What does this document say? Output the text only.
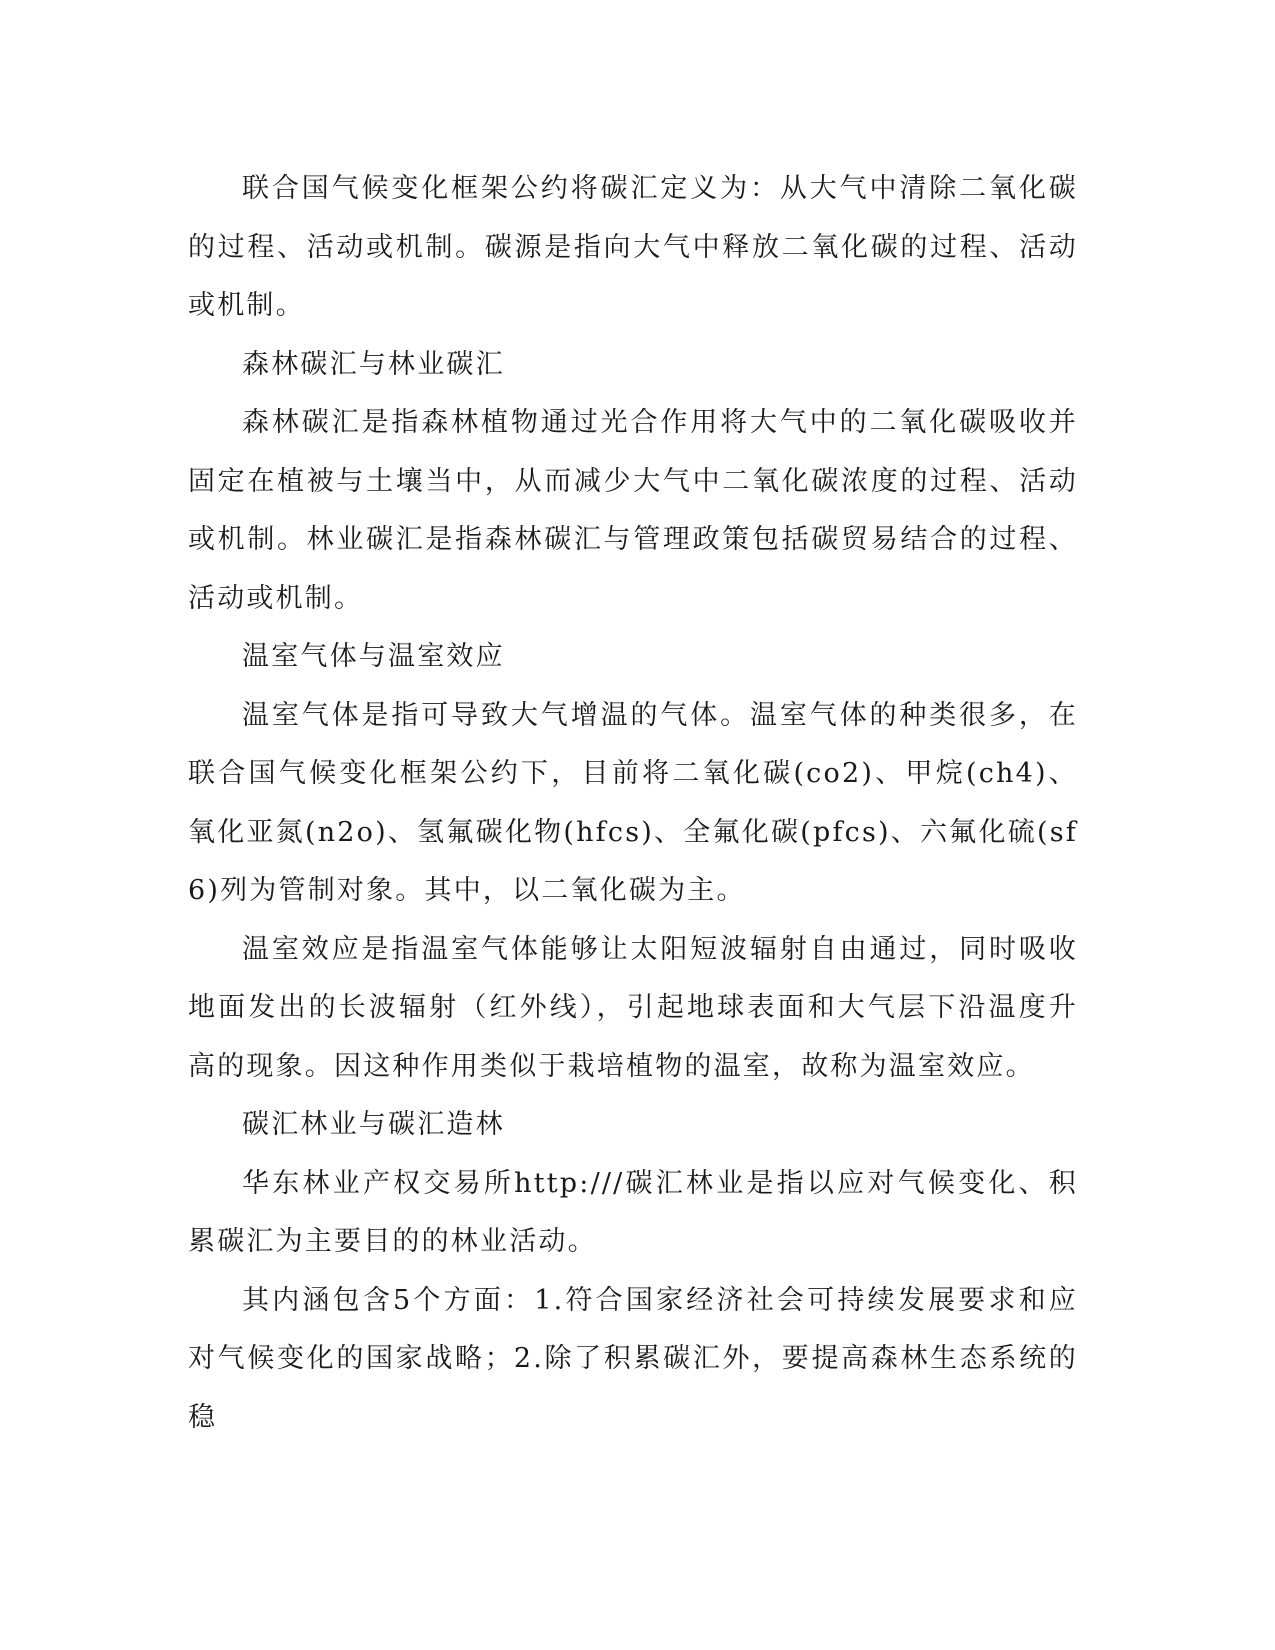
联合国气候变化框架公约将碳汇定义为：从大气中清除二氧化碳的过程、活动或机制。碳源是指向大气中释放二氧化碳的过程、活动或机制。

森林碳汇与林业碳汇

森林碳汇是指森林植物通过光合作用将大气中的二氧化碳吸收并固定在植被与土壤当中，从而减少大气中二氧化碳浓度的过程、活动或机制。林业碳汇是指森林碳汇与管理政策包括碳贸易结合的过程、活动或机制。

温室气体与温室效应

温室气体是指可导致大气增温的气体。温室气体的种类很多，在联合国气候变化框架公约下，目前将二氧化碳(co2)、甲烷(ch4)、氧化亚氮(n2o)、氢氟碳化物(hfcs)、全氟化碳(pfcs)、六氟化硫(sf6)列为管制对象。其中，以二氧化碳为主。

温室效应是指温室气体能够让太阳短波辐射自由通过，同时吸收地面发出的长波辐射（红外线），引起地球表面和大气层下沿温度升高的现象。因这种作用类似于栽培植物的温室，故称为温室效应。

碳汇林业与碳汇造林

华东林业产权交易所http:///碳汇林业是指以应对气候变化、积累碳汇为主要目的的林业活动。

其内涵包含5个方面：1.符合国家经济社会可持续发展要求和应对气候变化的国家战略；2.除了积累碳汇外，要提高森林生态系统的稳
